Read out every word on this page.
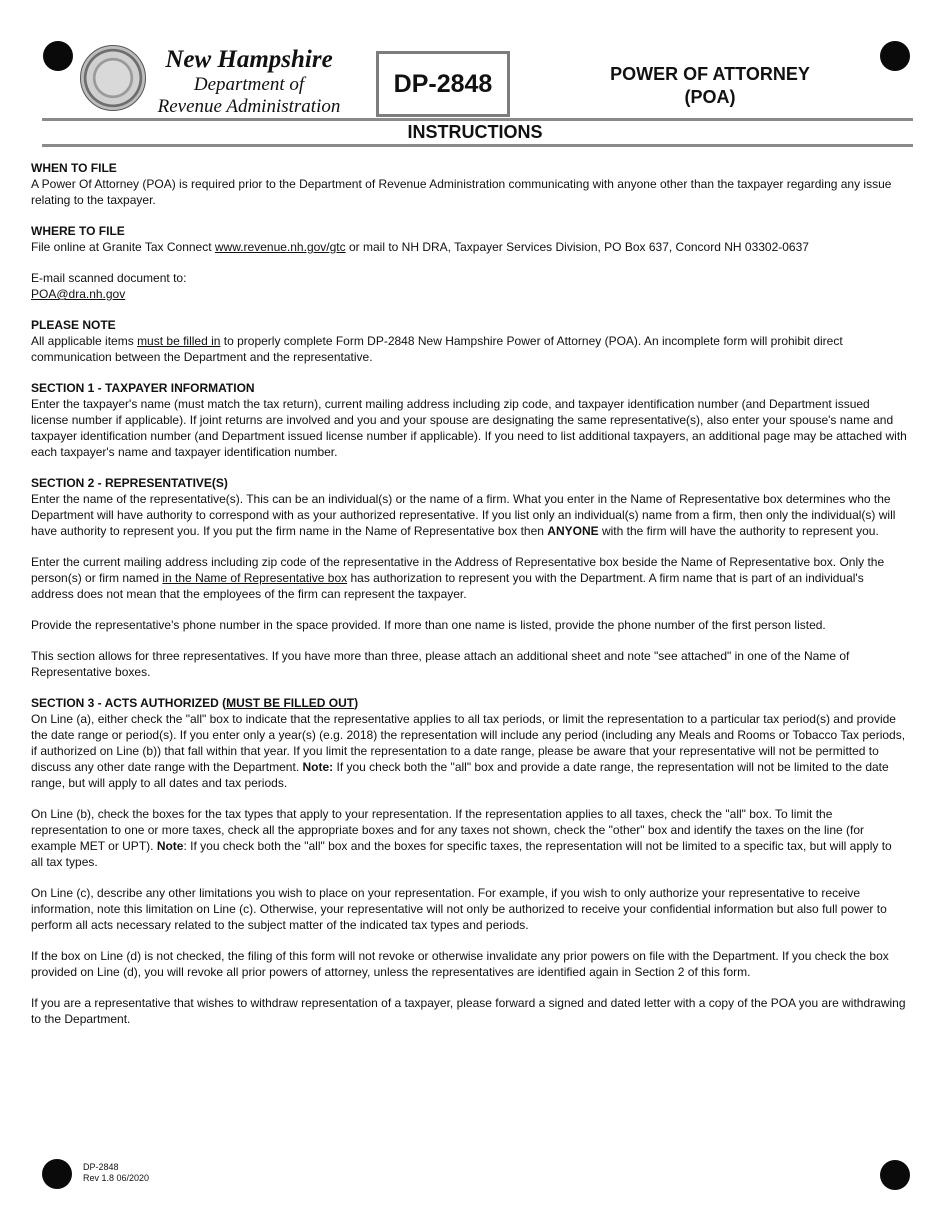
New Hampshire
Department of
Revenue Administration
DP-2848	POWER OF ATTORNEY
(POA)
INSTRUCTIONS
WHEN TO FILE

A Power Of Attorney (POA) is required prior to the Department of Revenue Administration communicating with anyone other than the taxpayer regarding any issue relating to the taxpayer.

WHERE TO FILE

File online at Granite Tax Connect www.revenue.nh.gov/gtc or mail to NH DRA, Taxpayer Services Division, PO Box 637, Concord NH 03302-0637

E-mail scanned document to:

POA@dra.nh.gov

PLEASE NOTE

All applicable items must be filled in to properly complete Form DP-2848 New Hampshire Power of Attorney (POA). An incomplete form will prohibit direct communication between the Department and the representative.

SECTION 1 - TAXPAYER INFORMATION

Enter the taxpayer's name (must match the tax return), current mailing address including zip code, and taxpayer identification number (and Department issued license number if applicable). If joint returns are involved and you and your spouse are designating the same representative(s), also enter your spouse's name and taxpayer identification number (and Department issued license number if applicable). If you need to list additional taxpayers, an additional page may be attached with each taxpayer's name and taxpayer identification number.

SECTION 2 - REPRESENTATIVE(S)

Enter the name of the representative(s). This can be an individual(s) or the name of a firm. What you enter in the Name of Representative box determines who the Department will have authority to correspond with as your authorized representative. If you list only an individual(s) name from a firm, then only the individual(s) will have authority to represent you. If you put the firm name in the Name of Representative box then ANYONE with the firm will have the authority to represent you.

Enter the current mailing address including zip code of the representative in the Address of Representative box beside the Name of Representative box. Only the person(s) or firm named in the Name of Representative box has authorization to represent you with the Department. A firm name that is part of an individual's address does not mean that the employees of the firm can represent the taxpayer.

Provide the representative's phone number in the space provided. If more than one name is listed, provide the phone number of the first person listed.

This section allows for three representatives. If you have more than three, please attach an additional sheet and note "see attached" in one of the Name of Representative boxes.

SECTION 3 - ACTS AUTHORIZED (MUST BE FILLED OUT)

On Line (a), either check the "all" box to indicate that the representative applies to all tax periods, or limit the representation to a particular tax period(s) and provide the date range or period(s). If you enter only a year(s) (e.g. 2018) the representation will include any period (including any Meals and Rooms or Tobacco Tax periods, if authorized on Line (b)) that fall within that year. If you limit the representation to a date range, please be aware that your representative will not be permitted to discuss any other date range with the Department. Note: If you check both the "all" box and provide a date range, the representation will not be limited to the date range, but will apply to all dates and tax periods.

On Line (b), check the boxes for the tax types that apply to your representation. If the representation applies to all taxes, check the "all" box. To limit the representation to one or more taxes, check all the appropriate boxes and for any taxes not shown, check the "other" box and identify the taxes on the line (for example MET or UPT). Note: If you check both the "all" box and the boxes for specific taxes, the representation will not be limited to a specific tax, but will apply to all tax types.

On Line (c), describe any other limitations you wish to place on your representation. For example, if you wish to only authorize your representative to receive information, note this limitation on Line (c). Otherwise, your representative will not only be authorized to receive your confidential information but also full power to perform all acts necessary related to the subject matter of the indicated tax types and periods.

If the box on Line (d) is not checked, the filing of this form will not revoke or otherwise invalidate any prior powers on file with the Department. If you check the box provided on Line (d), you will revoke all prior powers of attorney, unless the representatives are identified again in Section 2 of this form.

If you are a representative that wishes to withdraw representation of a taxpayer, please forward a signed and dated letter with a copy of the POA you are withdrawing to the Department.

DP-2848
Rev 1.8 06/2020
